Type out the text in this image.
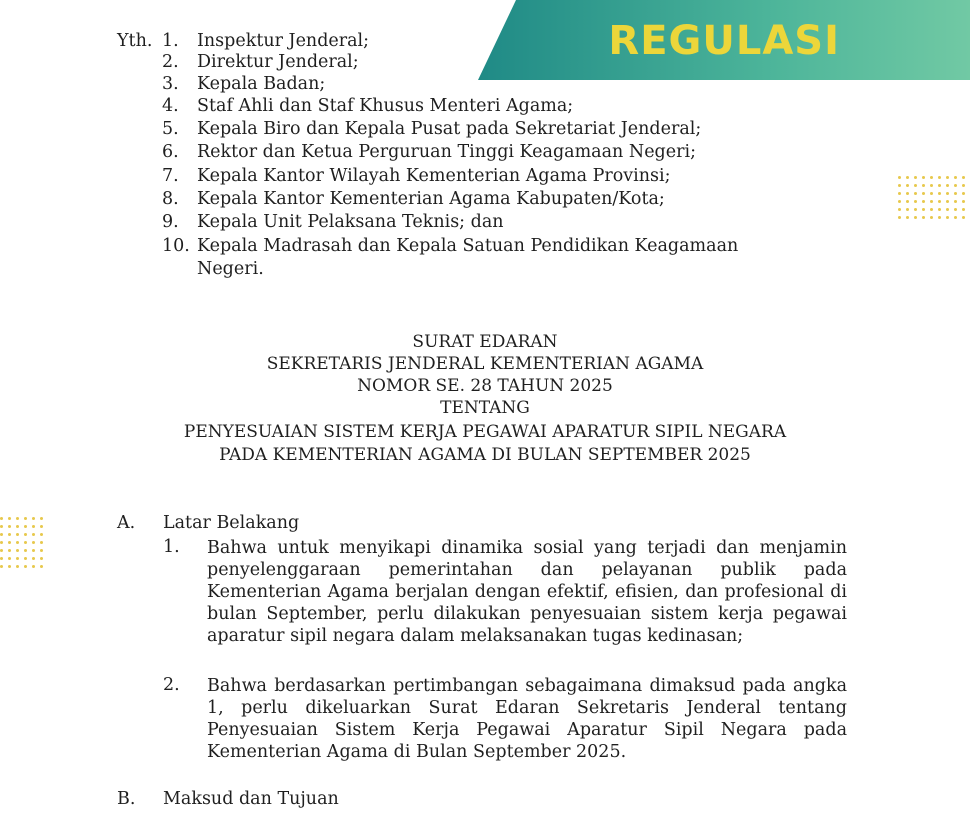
REGULASI
Yth. 1. Inspektur Jenderal;
2. Direktur Jenderal;
3. Kepala Badan;
4. Staf Ahli dan Staf Khusus Menteri Agama;
5. Kepala Biro dan Kepala Pusat pada Sekretariat Jenderal;
6. Rektor dan Ketua Perguruan Tinggi Keagamaan Negeri;
7. Kepala Kantor Wilayah Kementerian Agama Provinsi;
8. Kepala Kantor Kementerian Agama Kabupaten/Kota;
9. Kepala Unit Pelaksana Teknis; dan
10. Kepala Madrasah dan Kepala Satuan Pendidikan Keagamaan
Negeri.
SURAT EDARAN
SEKRETARIS JENDERAL KEMENTERIAN AGAMA
NOMOR SE. 28 TAHUN 2025
TENTANG
PENYESUAIAN SISTEM KERJA PEGAWAI APARATUR SIPIL NEGARA
PADA KEMENTERIAN AGAMA DI BULAN SEPTEMBER 2025
A. Latar Belakang
1. Bahwa untuk menyikapi dinamika sosial yang terjadi dan menjamin penyelenggaraan pemerintahan dan pelayanan publik pada Kementerian Agama berjalan dengan efektif, efisien, dan profesional di bulan September, perlu dilakukan penyesuaian sistem kerja pegawai aparatur sipil negara dalam melaksanakan tugas kedinasan;
2. Bahwa berdasarkan pertimbangan sebagaimana dimaksud pada angka 1, perlu dikeluarkan Surat Edaran Sekretaris Jenderal tentang Penyesuaian Sistem Kerja Pegawai Aparatur Sipil Negara pada Kementerian Agama di Bulan September 2025.
B. Maksud dan Tujuan
